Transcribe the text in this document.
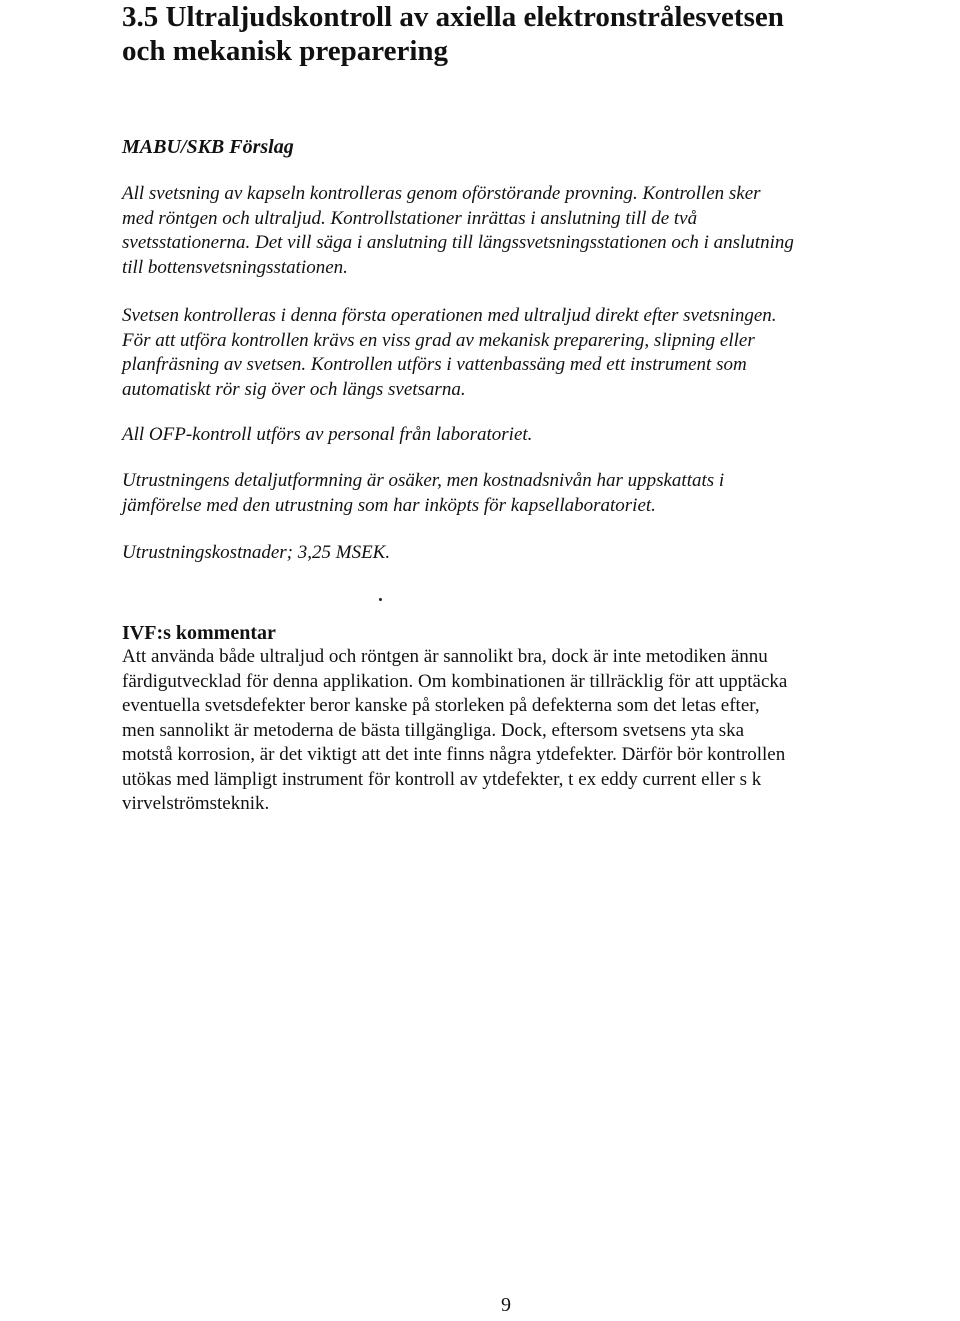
3.5 Ultraljudskontroll av axiella elektronstrålesvetsen
och mekanisk preparering
MABU/SKB Förslag
All svetsning av kapseln kontrolleras genom oförstörande provning. Kontrollen sker
med röntgen och ultraljud. Kontrollstationer inrättas i anslutning till de två
svetsstationerna. Det vill säga i anslutning till längssvetsningsstationen och i anslutning
till bottensvetsningsstationen.
Svetsen kontrolleras i denna första operationen med ultraljud direkt efter svetsningen.
För att utföra kontrollen krävs en viss grad av mekanisk preparering, slipning eller
planfräsning av svetsen. Kontrollen utförs i vattenbassäng med ett instrument som
automatiskt rör sig över och längs svetsarna.
All OFP-kontroll utförs av personal från laboratoriet.
Utrustningens detaljutformning är osäker, men kostnadsnivån har uppskattats i
jämförelse med den utrustning som har inköpts för kapsellaboratoriet.
Utrustningskostnader; 3,25 MSEK.
IVF:s kommentar
Att använda både ultraljud och röntgen är sannolikt bra, dock är inte metodiken ännu
färdigutvecklad för denna applikation. Om kombinationen är tillräcklig för att upptäcka
eventuella svetsdefekter beror kanske på storleken på defekterna som det letas efter,
men sannolikt är metoderna de bästa tillgängliga. Dock, eftersom svetsens yta ska
motstå korrosion, är det viktigt att det inte finns några ytdefekter. Därför bör kontrollen
utökas med lämpligt instrument för kontroll av ytdefekter, t ex eddy current eller s k
virvelströmsteknik.
9
